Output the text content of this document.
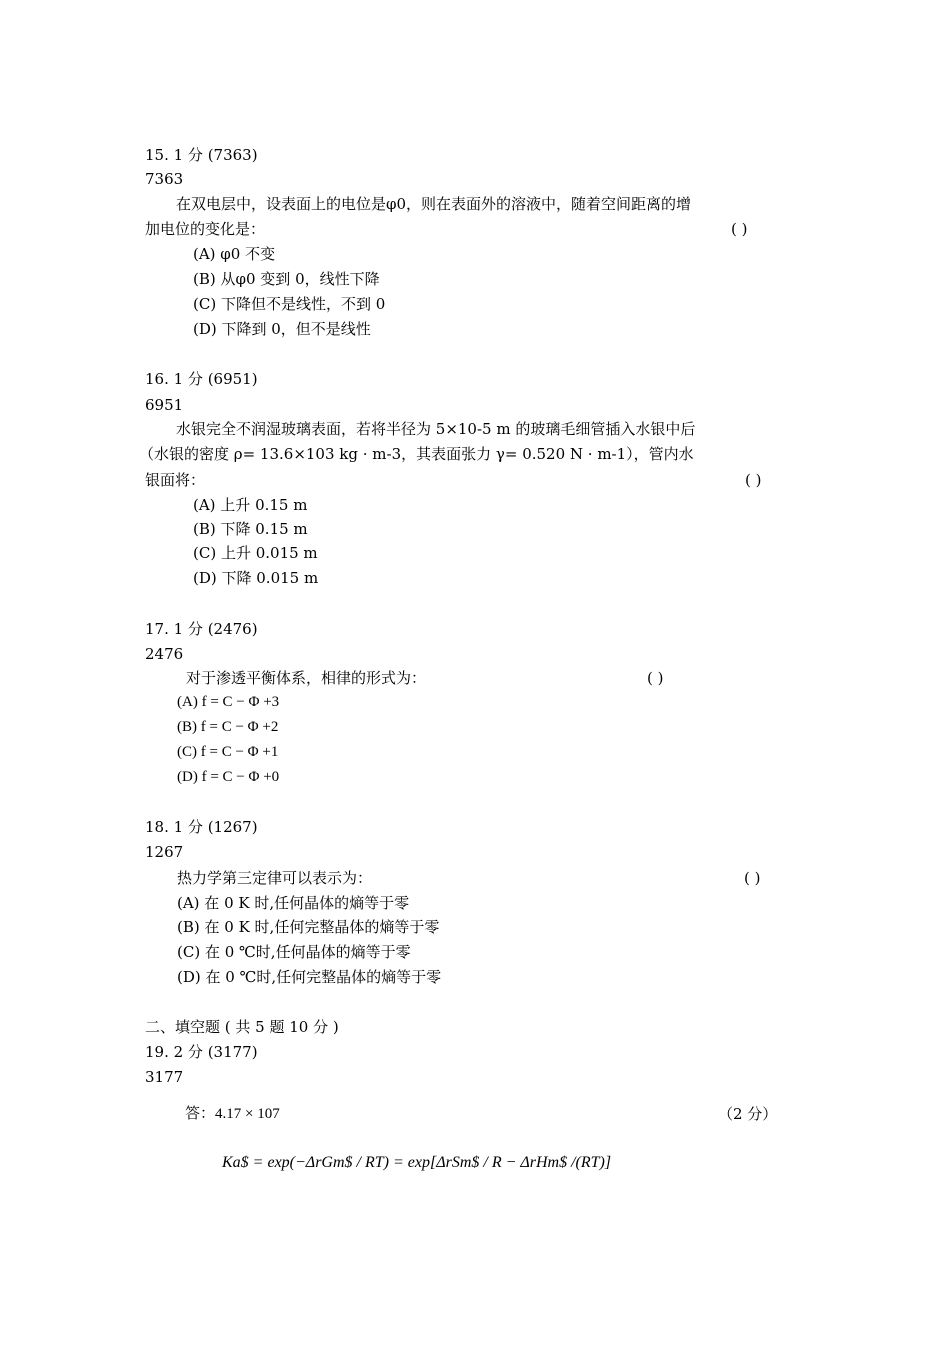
15. 1 分 (7363)
7363
在双电层中，设表面上的电位是φ0，则在表面外的溶液中，随着空间距离的增
加电位的变化是：	( )
(A) φ0 不变
(B) 从φ0 变到 0，线性下降
(C) 下降但不是线性，不到 0
(D) 下降到 0，但不是线性
16. 1 分 (6951)
6951
水银完全不润湿玻璃表面，若将半径为 5×10-5 m 的玻璃毛细管插入水银中后
（水银的密度 ρ= 13.6×103 kg · m-3，其表面张力 γ= 0.520 N · m-1），管内水
银面将：	( )
(A) 上升 0.15 m
(B) 下降 0.15 m
(C) 上升 0.015 m
(D) 下降 0.015 m
17. 1 分 (2476)
2476
对于渗透平衡体系，相律的形式为：	( )
(A) f = C − Φ +3
(B) f = C − Φ +2
(C) f = C − Φ +1
(D) f = C − Φ +0
18. 1 分 (1267)
1267
热力学第三定律可以表示为：	( )
(A) 在 0 K 时,任何晶体的熵等于零
(B) 在 0 K 时,任何完整晶体的熵等于零
(C) 在 0 ℃时,任何晶体的熵等于零
(D) 在 0 ℃时,任何完整晶体的熵等于零
二、填空题 ( 共 5 题 10 分 )
19. 2 分 (3177)
3177
答：4.17 × 107	（2 分）
Ka$ = exp(−ΔrGm$ / RT) = exp[ΔrSm$ / R − ΔrHm$ /(RT)]
